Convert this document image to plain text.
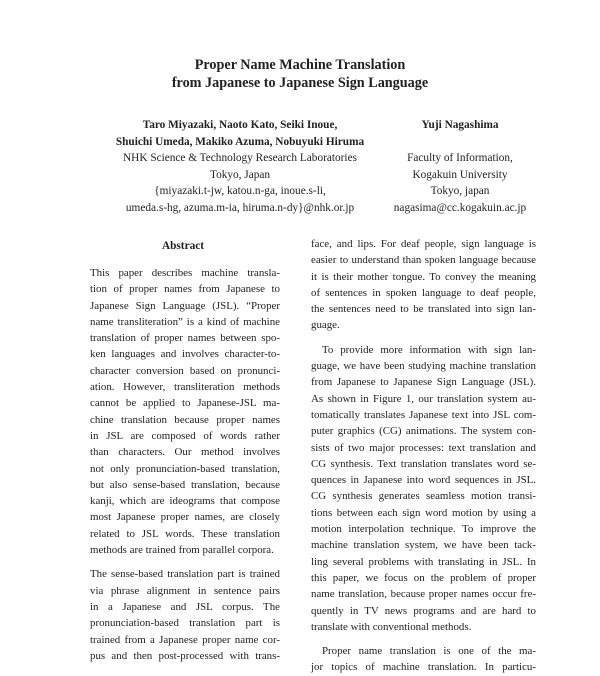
Proper Name Machine Translation
from Japanese to Japanese Sign Language
Taro Miyazaki, Naoto Kato, Seiki Inoue,
Shuichi Umeda, Makiko Azuma, Nobuyuki Hiruma
NHK Science & Technology Research Laboratories
Tokyo, Japan
{miyazaki.t-jw, katou.n-ga, inoue.s-li,
umeda.s-hg, azuma.m-ia, hiruma.n-dy}@nhk.or.jp
Yuji Nagashima
Faculty of Information,
Kogakuin University
Tokyo, japan
nagasima@cc.kogakuin.ac.jp
Abstract
This paper describes machine transla-
tion of proper names from Japanese to
Japanese Sign Language (JSL). “Proper
name transliteration” is a kind of machine
translation of proper names between spo-
ken languages and involves character-to-
character conversion based on pronunci-
ation. However, transliteration methods
cannot be applied to Japanese-JSL ma-
chine translation because proper names
in JSL are composed of words rather
than characters. Our method involves
not only pronunciation-based translation,
but also sense-based translation, because
kanji, which are ideograms that compose
most Japanese proper names, are closely
related to JSL words. These translation
methods are trained from parallel corpora.
The sense-based translation part is trained
via phrase alignment in sentence pairs
in a Japanese and JSL corpus. The
pronunciation-based translation part is
trained from a Japanese proper name cor-
pus and then post-processed with trans-
face, and lips. For deaf people, sign language is
easier to understand than spoken language because
it is their mother tongue. To convey the meaning
of sentences in spoken language to deaf people,
the sentences need to be translated into sign lan-
guage.
To provide more information with sign lan-
guage, we have been studying machine translation
from Japanese to Japanese Sign Language (JSL).
As shown in Figure 1, our translation system au-
tomatically translates Japanese text into JSL com-
puter graphics (CG) animations. The system con-
sists of two major processes: text translation and
CG synthesis. Text translation translates word se-
quences in Japanese into word sequences in JSL.
CG synthesis generates seamless motion transi-
tions between each sign word motion by using a
motion interpolation technique. To improve the
machine translation system, we have been tack-
ling several problems with translating in JSL. In
this paper, we focus on the problem of proper
name translation, because proper names occur fre-
quently in TV news programs and are hard to
translate with conventional methods.
Proper name translation is one of the ma-
jor topics of machine translation. In particu-
